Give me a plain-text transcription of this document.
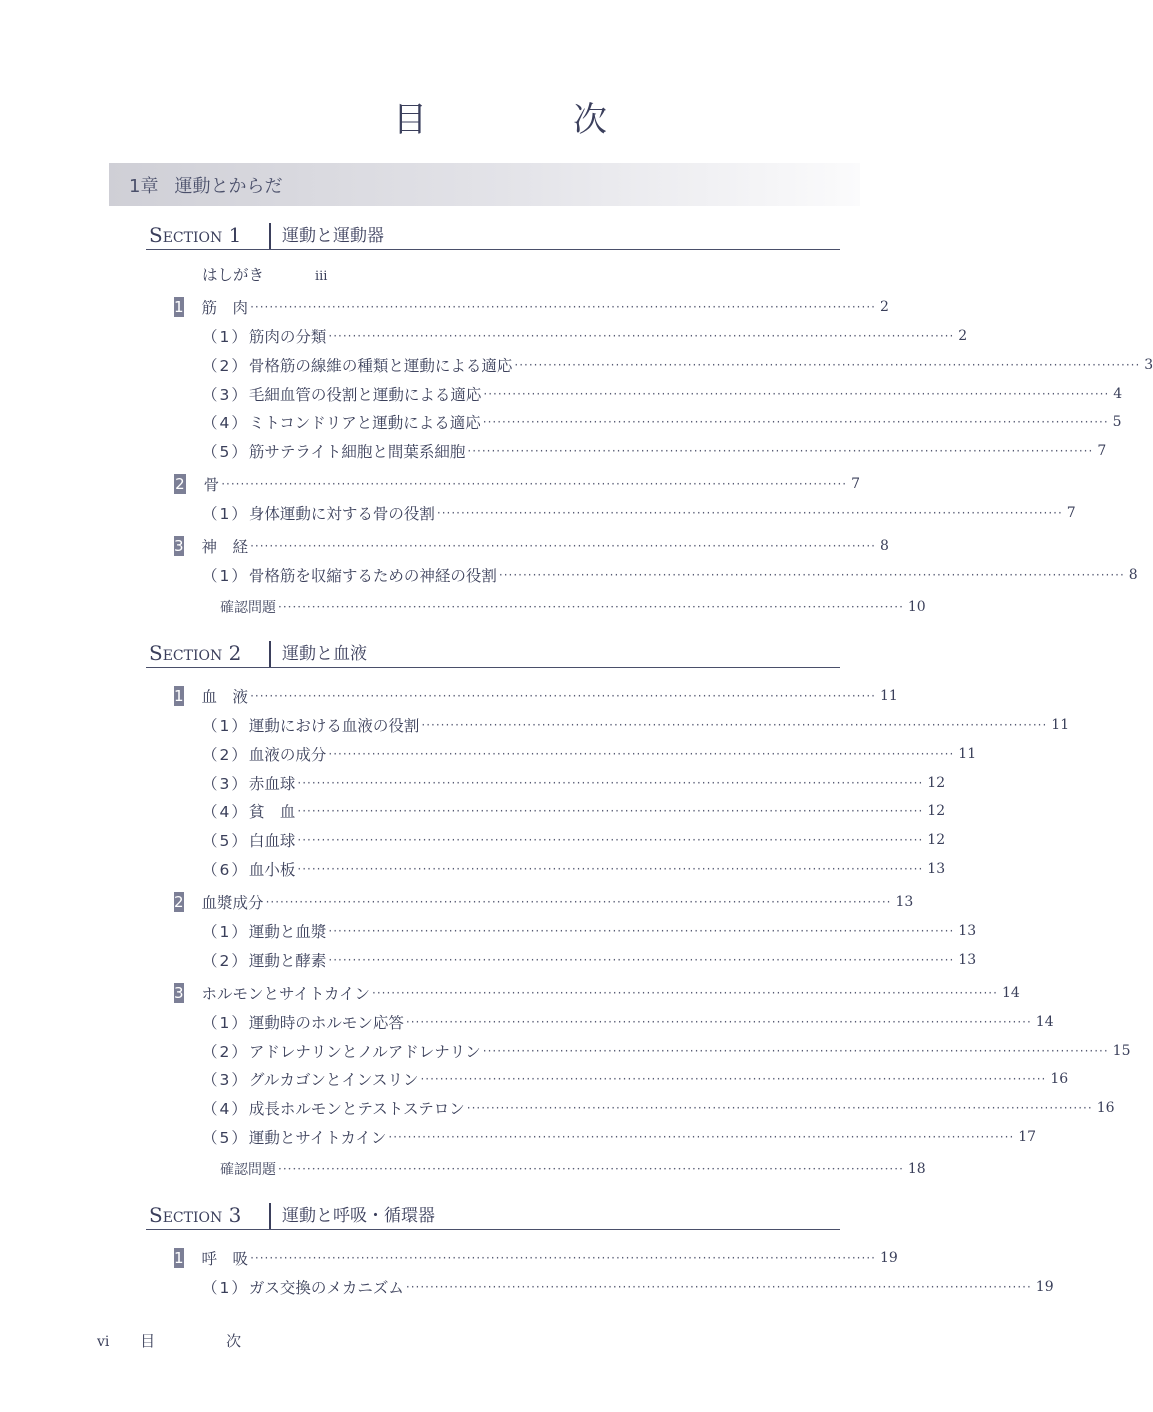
目　次
1章 運動とからだ
Section 1 運動と運動器
はしがき	iii
1 筋　肉 ·································································································································· 2
（1） 筋肉の分類 ·································································································································· 2
（2） 骨格筋の線維の種類と運動による適応 ·································································································································· 3
（3） 毛細血管の役割と運動による適応 ·································································································································· 4
（4） ミトコンドリアと運動による適応 ·································································································································· 5
（5） 筋サテライト細胞と間葉系細胞 ·································································································································· 7
2 骨 ·································································································································· 7
（1） 身体運動に対する骨の役割 ·································································································································· 7
3 神　経 ·································································································································· 8
（1） 骨格筋を収縮するための神経の役割 ·································································································································· 8
確認問題 ·································································································································· 10
Section 2 運動と血液
1 血　液 ·································································································································· 11
（1） 運動における血液の役割 ·································································································································· 11
（2） 血液の成分 ·································································································································· 11
（3） 赤血球 ·································································································································· 12
（4） 貧　血 ·································································································································· 12
（5） 白血球 ·································································································································· 12
（6） 血小板 ·································································································································· 13
2 血漿成分 ·································································································································· 13
（1） 運動と血漿 ·································································································································· 13
（2） 運動と酵素 ·································································································································· 13
3 ホルモンとサイトカイン ·································································································································· 14
（1） 運動時のホルモン応答 ·································································································································· 14
（2） アドレナリンとノルアドレナリン ·································································································································· 15
（3） グルカゴンとインスリン ·································································································································· 16
（4） 成長ホルモンとテストステロン ·································································································································· 16
（5） 運動とサイトカイン ·································································································································· 17
確認問題 ·································································································································· 18
Section 3 運動と呼吸・循環器
1 呼　吸 ·································································································································· 19
（1） ガス交換のメカニズム ·································································································································· 19
vi 目　次
